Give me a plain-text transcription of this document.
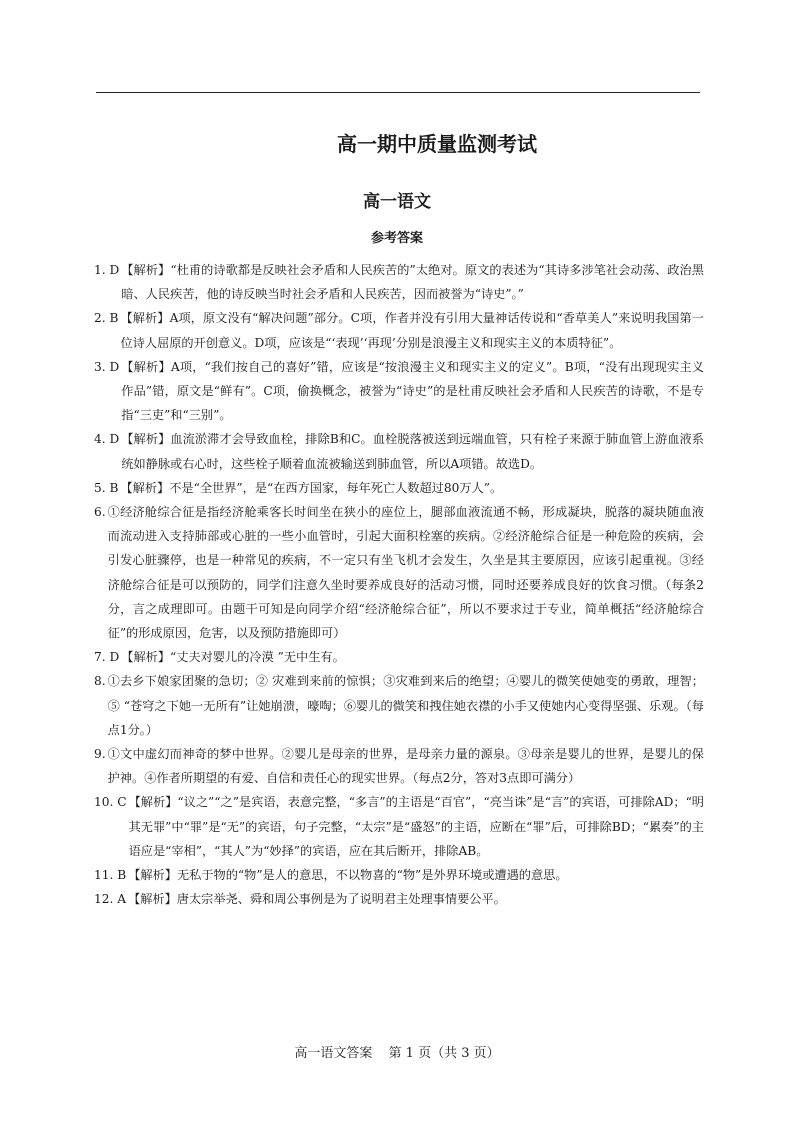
高一期中质量监测考试
高一语文
参考答案
1. D 【解析】“杜甫的诗歌都是反映社会矛盾和人民疾苦的”太绝对。原文的表述为“其诗多涉笔社会动荡、政治黑暗、人民疾苦，他的诗反映当时社会矛盾和人民疾苦，因而被誉为“诗史”。”
2. B 【解析】A项，原文没有“解决问题”部分。C项，作者并没有引用大量神话传说和“香草美人”来说明我国第一位诗人屈原的开创意义。D项，应该是“‘表现’‘再现’分别是浪漫主义和现实主义的本质特征”。
3. D 【解析】A项，“我们按自己的喜好”错，应该是“按浪漫主义和现实主义的定义”。B项，“没有出现现实主义作品”错，原文是“鲜有”。C项，偷换概念，被誉为“诗史”的是杜甫反映社会矛盾和人民疾苦的诗歌，不是专指“三吏”和“三别”。
4. D 【解析】血流淤滞才会导致血栓，排除B和C。血栓脱落被送到远端血管，只有栓子来源于肺血管上游血液系统如静脉或右心时，这些栓子顺着血流被输送到肺血管，所以A项错。故选D。
5. B 【解析】不是“全世界”，是“在西方国家，每年死亡人数超过80万人”。
6. ①经济舱综合征是指经济舱乘客长时间坐在狭小的座位上，腿部血液流通不畅，形成凝块，脱落的凝块随血液而流动进入支持肺部或心脏的一些小血管时，引起大面积栓塞的疾病。②经济舱综合征是一种危险的疾病，会引发心脏骤停，也是一种常见的疾病，不一定只有坐飞机才会发生，久坐是其主要原因，应该引起重视。③经济舱综合征是可以预防的，同学们注意久坐时要养成良好的活动习惯，同时还要养成良好的饮食习惯。（每条2分，言之成理即可。由题干可知是向同学介绍“经济舱综合征”，所以不要求过于专业，简单概括“经济舱综合征”的形成原因，危害，以及预防措施即可）
7. D 【解析】“丈夫对婴儿的冷漠 ”无中生有。
8. ①去乡下娘家团聚的急切；② 灾难到来前的惊惧；③灾难到来后的绝望；④婴儿的微笑使她变的勇敢，理智；⑤ “苍穹之下她一无所有”让她崩溃，嚎啕；⑥婴儿的微笑和拽住她衣襟的小手又使她内心变得坚强、乐观。（每点1分。）
9. ①文中虚幻而神奇的梦中世界。②婴儿是母亲的世界，是母亲力量的源泉。③母亲是婴儿的世界，是婴儿的保护神。④作者所期望的有爱、自信和责任心的现实世界。（每点2分，答对3点即可满分）
10. C 【解析】“议之”“之”是宾语，表意完整，“多言”的主语是“百官”，“亮当诛”是“言”的宾语，可排除AD；“明其无罪”中“罪”是“无”的宾语，句子完整，“太宗”是“盛怒”的主语，应断在“罪”后，可排除BD；“累奏”的主语应是“宰相”，“其人”为“妙择”的宾语，应在其后断开，排除AB。
11. B 【解析】无私于物的“物”是人的意思，不以物喜的“物”是外界环境或遭遇的意思。
12. A 【解析】唐太宗举尧、舜和周公事例是为了说明君主处理事情要公平。
高一语文答案 第 1 页（共 3 页）
